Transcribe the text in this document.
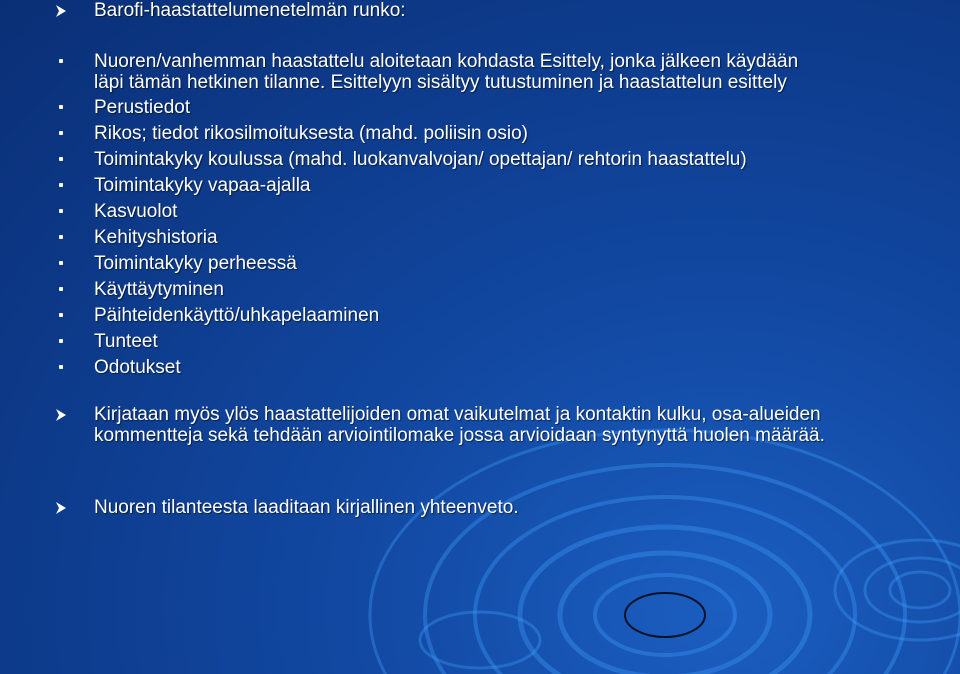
Barofi-haastattelumenetelmän runko:
Nuoren/vanhemman haastattelu aloitetaan kohdasta Esittely, jonka jälkeen käydään
läpi tämän hetkinen tilanne. Esittelyyn sisältyy tutustuminen ja haastattelun esittely
Perustiedot
Rikos; tiedot rikosilmoituksesta (mahd. poliisin osio)
Toimintakyky koulussa (mahd. luokanvalvojan/ opettajan/ rehtorin haastattelu)
Toimintakyky vapaa-ajalla
Kasvuolot
Kehityshistoria
Toimintakyky perheessä
Käyttäytyminen
Päihteidenkäyttö/uhkapelaaminen
Tunteet
Odotukset
Kirjataan myös ylös haastattelijoiden omat vaikutelmat ja kontaktin kulku, osa-alueiden kommentteja sekä tehdään arviointilomake jossa arvioidaan syntynyttä huolen määrää.
Nuoren tilanteesta laaditaan kirjallinen yhteenveto.
